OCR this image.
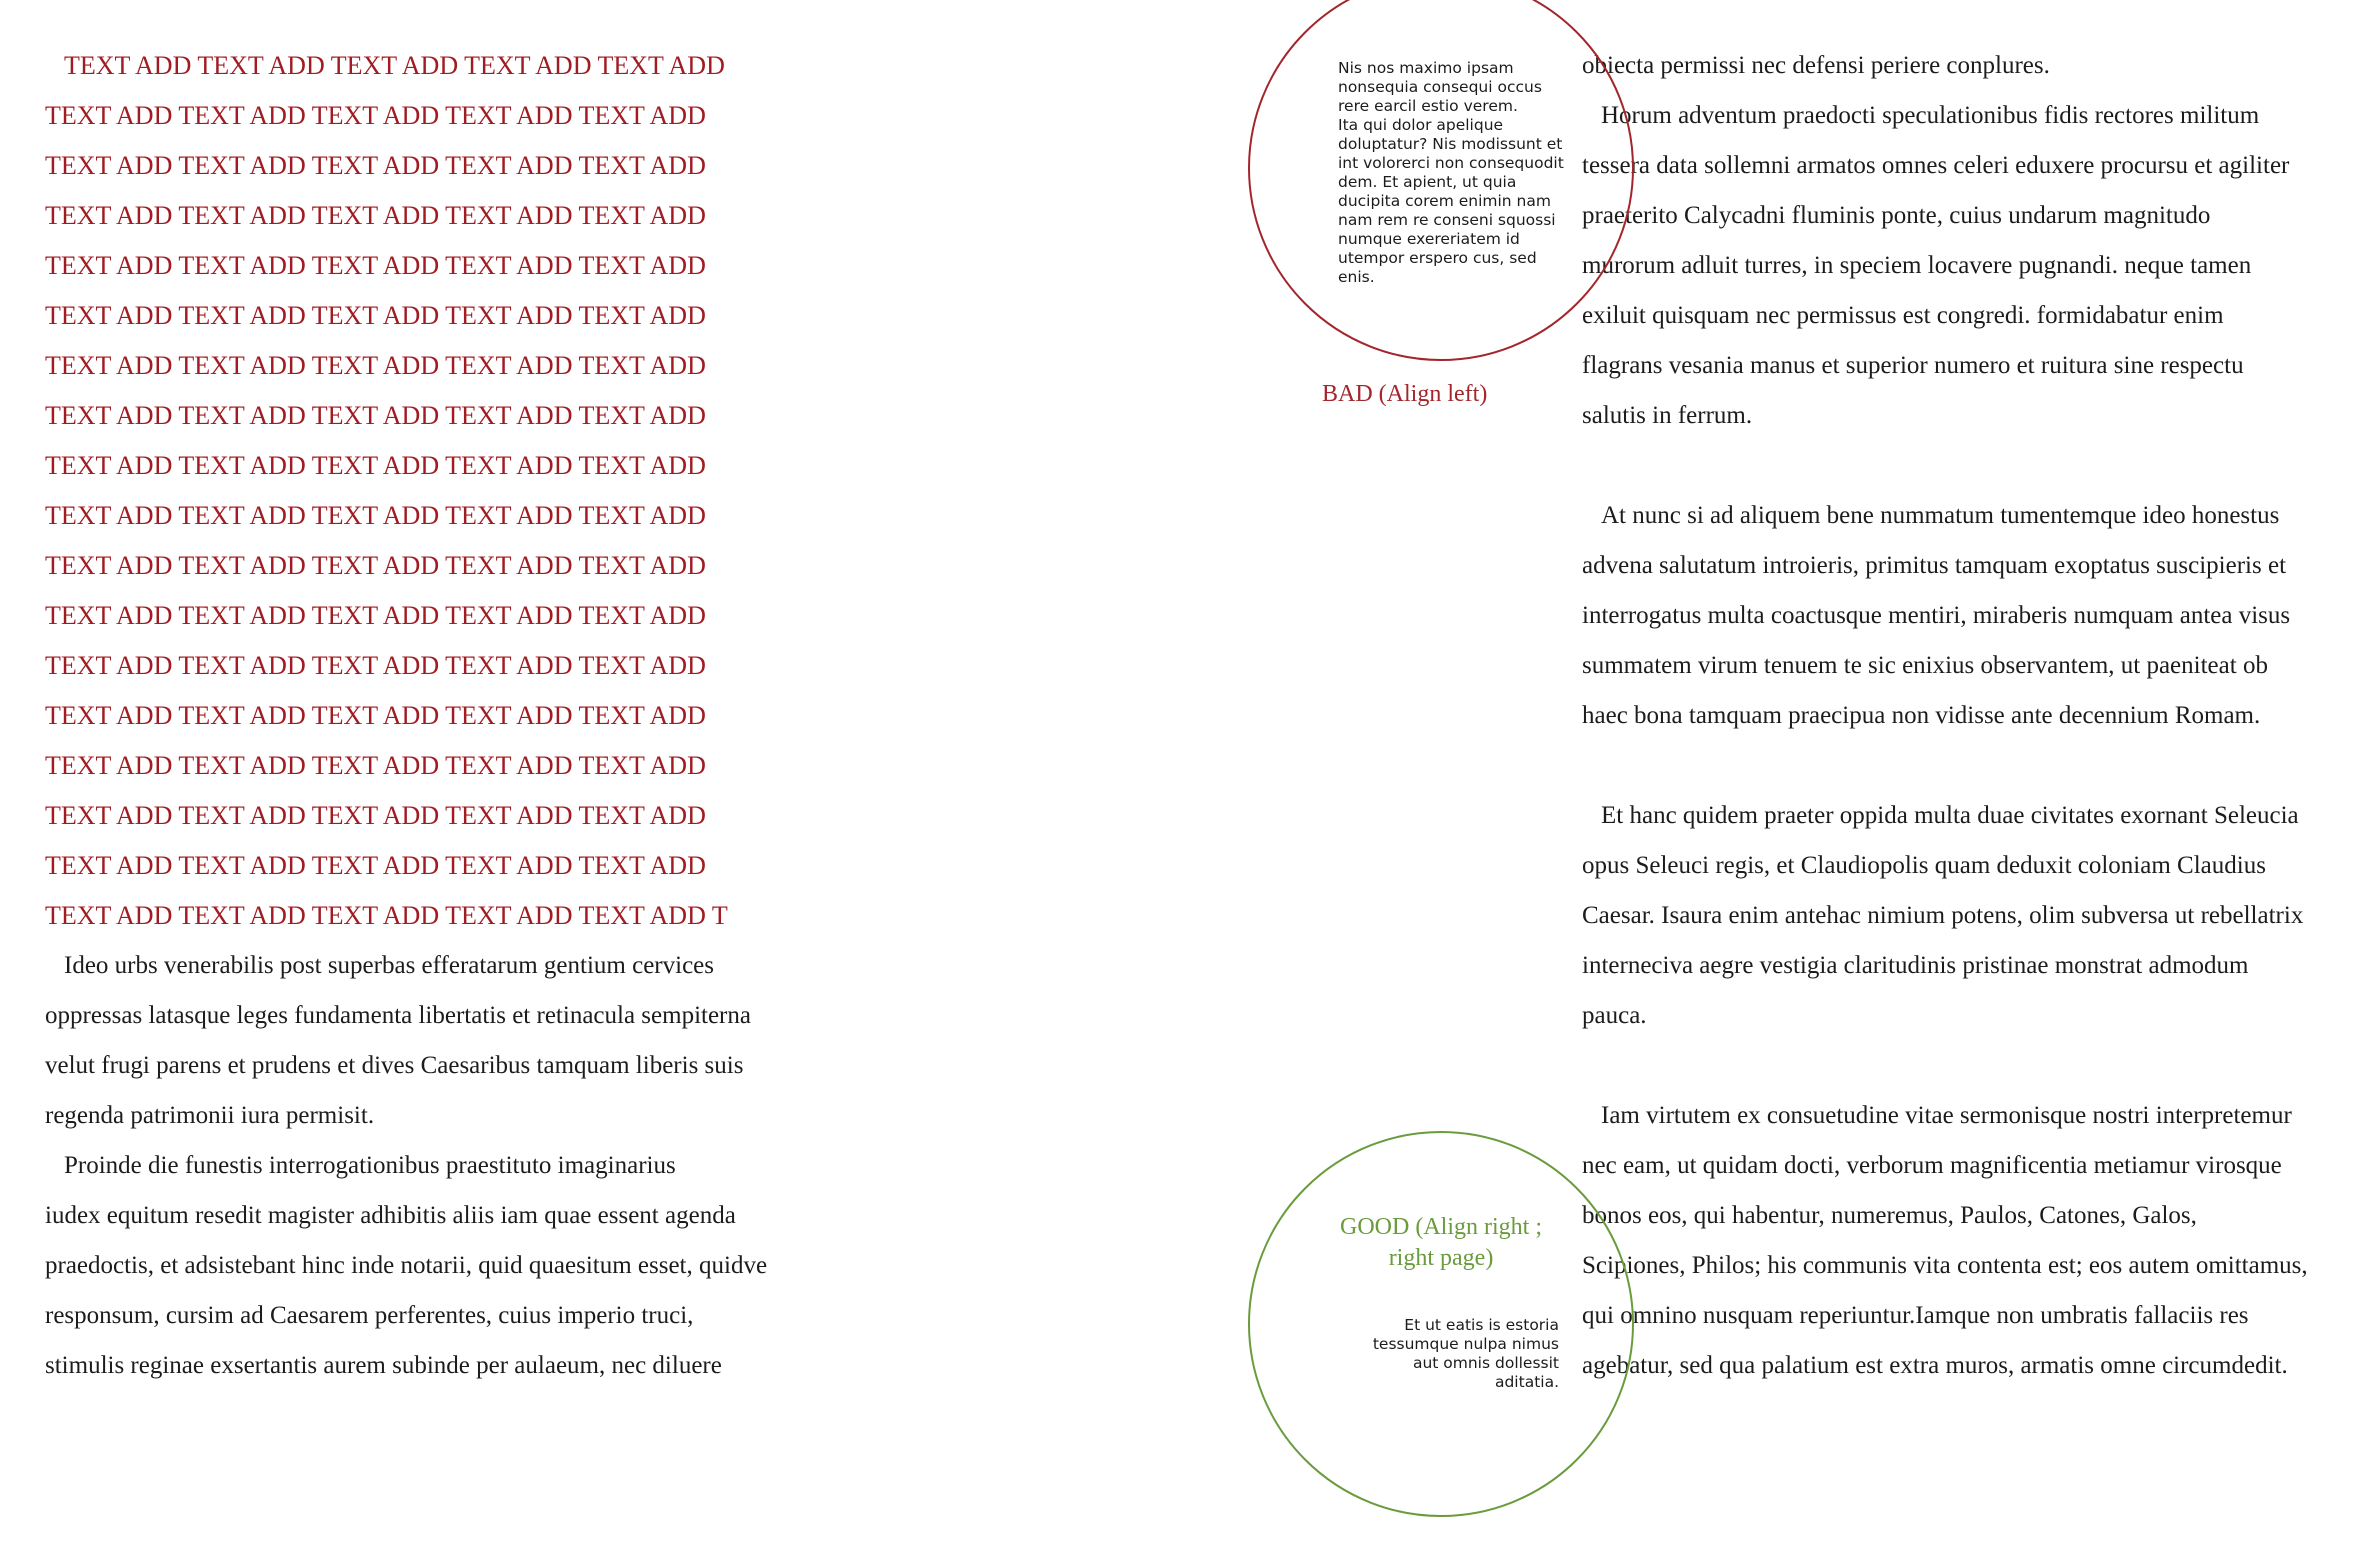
TEXT ADD TEXT ADD TEXT ADD TEXT ADD TEXT ADD
TEXT ADD TEXT ADD TEXT ADD TEXT ADD TEXT ADD
TEXT ADD TEXT ADD TEXT ADD TEXT ADD TEXT ADD
TEXT ADD TEXT ADD TEXT ADD TEXT ADD TEXT ADD
TEXT ADD TEXT ADD TEXT ADD TEXT ADD TEXT ADD
TEXT ADD TEXT ADD TEXT ADD TEXT ADD TEXT ADD
TEXT ADD TEXT ADD TEXT ADD TEXT ADD TEXT ADD
TEXT ADD TEXT ADD TEXT ADD TEXT ADD TEXT ADD
TEXT ADD TEXT ADD TEXT ADD TEXT ADD TEXT ADD
TEXT ADD TEXT ADD TEXT ADD TEXT ADD TEXT ADD
TEXT ADD TEXT ADD TEXT ADD TEXT ADD TEXT ADD
TEXT ADD TEXT ADD TEXT ADD TEXT ADD TEXT ADD
TEXT ADD TEXT ADD TEXT ADD TEXT ADD TEXT ADD
TEXT ADD TEXT ADD TEXT ADD TEXT ADD TEXT ADD
TEXT ADD TEXT ADD TEXT ADD TEXT ADD TEXT ADD
TEXT ADD TEXT ADD TEXT ADD TEXT ADD TEXT ADD
TEXT ADD TEXT ADD TEXT ADD TEXT ADD TEXT ADD
TEXT ADD TEXT ADD TEXT ADD TEXT ADD TEXT ADD T
Ideo urbs venerabilis post superbas efferatarum gentium cervices
oppressas latasque leges fundamenta libertatis et retinacula sempiterna
velut frugi parens et prudens et dives Caesaribus tamquam liberis suis
regenda patrimonii iura permisit.
Proinde die funestis interrogationibus praestituto imaginarius
iudex equitum resedit magister adhibitis aliis iam quae essent agenda
praedoctis, et adsistebant hinc inde notarii, quid quaesitum esset, quidve
responsum, cursim ad Caesarem perferentes, cuius imperio truci,
stimulis reginae exsertantis aurem subinde per aulaeum, nec diluere
obiecta permissi nec defensi periere conplures.
Horum adventum praedocti speculationibus fidis rectores militum
tessera data sollemni armatos omnes celeri eduxere procursu et agiliter
praeterito Calycadni fluminis ponte, cuius undarum magnitudo
murorum adluit turres, in speciem locavere pugnandi. neque tamen
exiluit quisquam nec permissus est congredi. formidabatur enim
flagrans vesania manus et superior numero et ruitura sine respectu
salutis in ferrum.
At nunc si ad aliquem bene nummatum tumentemque ideo honestus
advena salutatum introieris, primitus tamquam exoptatus suscipieris et
interrogatus multa coactusque mentiri, miraberis numquam antea visus
summatem virum tenuem te sic enixius observantem, ut paeniteat ob
haec bona tamquam praecipua non vidisse ante decennium Romam.
Et hanc quidem praeter oppida multa duae civitates exornant Seleucia
opus Seleuci regis, et Claudiopolis quam deduxit coloniam Claudius
Caesar. Isaura enim antehac nimium potens, olim subversa ut rebellatrix
interneciva aegre vestigia claritudinis pristinae monstrat admodum
pauca.
Iam virtutem ex consuetudine vitae sermonisque nostri interpretemur
nec eam, ut quidam docti, verborum magnificentia metiamur virosque
bonos eos, qui habentur, numeremus, Paulos, Catones, Galos,
Scipiones, Philos; his communis vita contenta est; eos autem omittamus,
qui omnino nusquam reperiuntur.Iamque non umbratis fallaciis res
agebatur, sed qua palatium est extra muros, armatis omne circumdedit.
Nis nos maximo ipsam
nonsequia consequi occus
rere earcil estio verem.
Ita qui dolor apelique
doluptatur? Nis modissunt et
int volorerci non consequodit
dem. Et apient, ut quia
ducipita corem enimin nam
nam rem re conseni squossi
numque exereriatem id
utempor erspero cus, sed
enis.
BAD (Align left)
GOOD (Align right ;
right page)
Et ut eatis is estoria
tessumque nulpa nimus
aut omnis dollessit
aditatia.
